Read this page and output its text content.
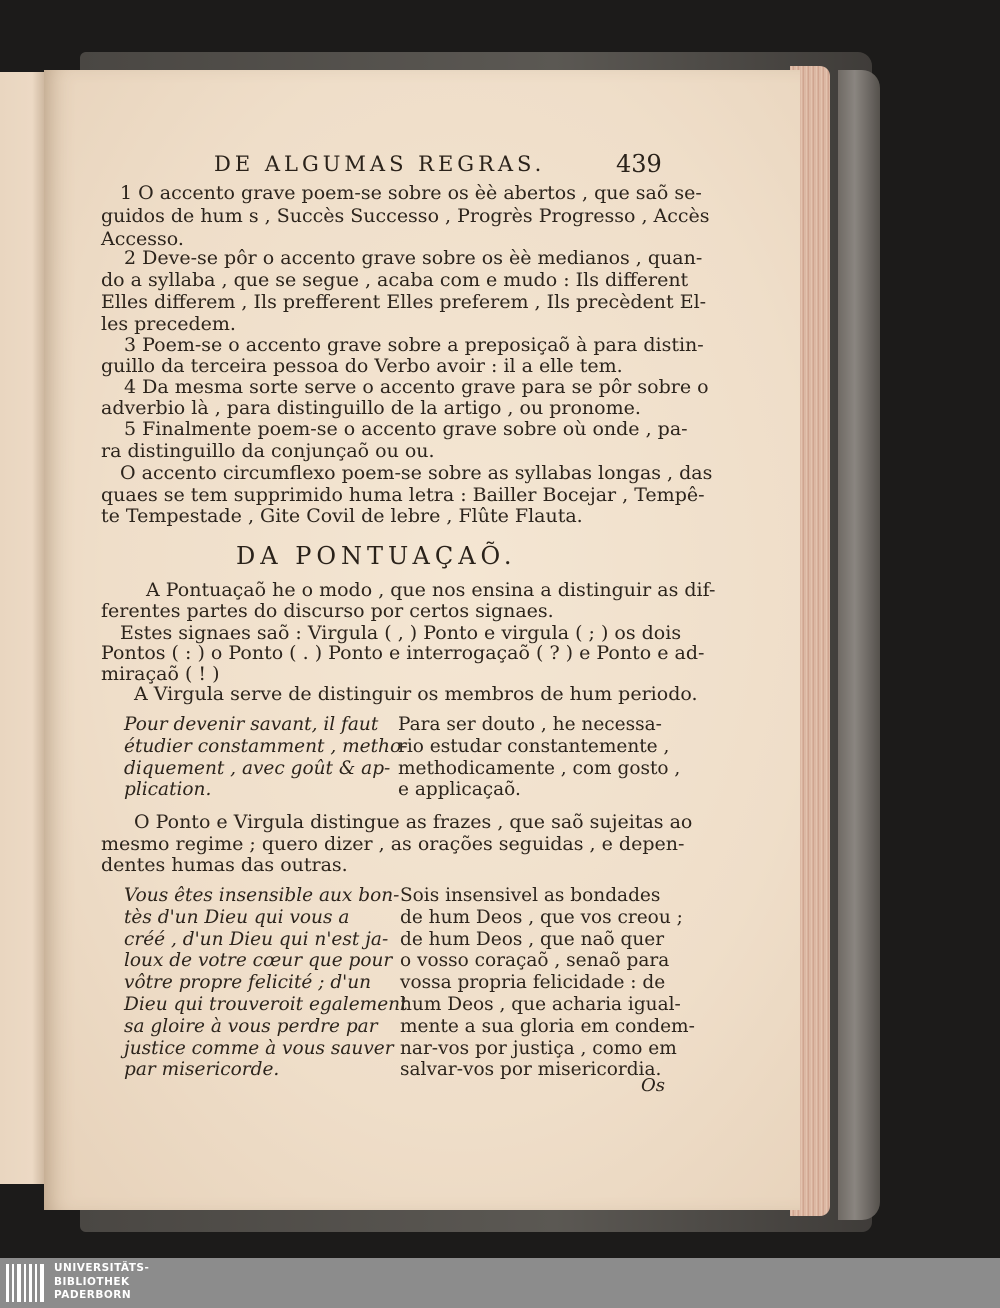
DE ALGUMAS REGRAS.	439
1 O accento grave poem-se sobre os èè abertos , que saõ se-
guidos de hum s , Succès Successo , Progrès Progresso , Accès
Accesso.
2 Deve-se pôr o accento grave sobre os èè medianos , quan-
do a syllaba , que se segue , acaba com e mudo : Ils different
Elles differem , Ils prefferent Elles preferem , Ils precèdent El-
les precedem.
3 Poem-se o accento grave sobre a preposiçaõ à para distin-
guillo da terceira pessoa do Verbo avoir : il a elle tem.
4 Da mesma sorte serve o accento grave para se pôr sobre o
adverbio là , para distinguillo de la artigo , ou pronome.
5 Finalmente poem-se o accento grave sobre où onde , pa-
ra distinguillo da conjunçaõ ou ou.
O accento circumflexo poem-se sobre as syllabas longas , das
quaes se tem supprimido huma letra : Bailler Bocejar , Tempê-
te Tempestade , Gite Covil de lebre , Flûte Flauta.
DA PONTUAÇAÕ.
A Pontuaçaõ he o modo , que nos ensina a distinguir as dif-
ferentes partes do discurso por certos signaes.
Estes signaes saõ : Virgula ( , ) Ponto e virgula ( ; ) os dois
Pontos ( : ) o Ponto ( . ) Ponto e interrogaçaõ ( ? ) e Ponto e ad-
miraçaõ ( ! )
A Virgula serve de distinguir os membros de hum periodo.
Pour devenir savant, il faut
étudier constamment , metho-
diquement , avec goût & ap-
plication.
Para ser douto , he necessa-
rio estudar constantemente ,
methodicamente , com gosto ,
e applicaçaõ.
O Ponto e Virgula distingue as frazes , que saõ sujeitas ao
mesmo regime ; quero dizer , as orações seguidas , e depen-
dentes humas das outras.
Vous êtes insensible aux bon-
tès d'un Dieu qui vous a
créé , d'un Dieu qui n'est ja-
loux de votre cœur que pour
vôtre propre felicité ; d'un
Dieu qui trouveroit egalement
sa gloire à vous perdre par
justice comme à vous sauver
par misericorde.
Sois insensivel as bondades
de hum Deos , que vos creou ;
de hum Deos , que naõ quer
o vosso coraçaõ , senaõ para
vossa propria felicidade : de
hum Deos , que acharia igual-
mente a sua gloria em condem-
nar-vos por justiça , como em
salvar-vos por misericordia.
Os
UNIVERSITÄTS-
BIBLIOTHEK
PADERBORN
